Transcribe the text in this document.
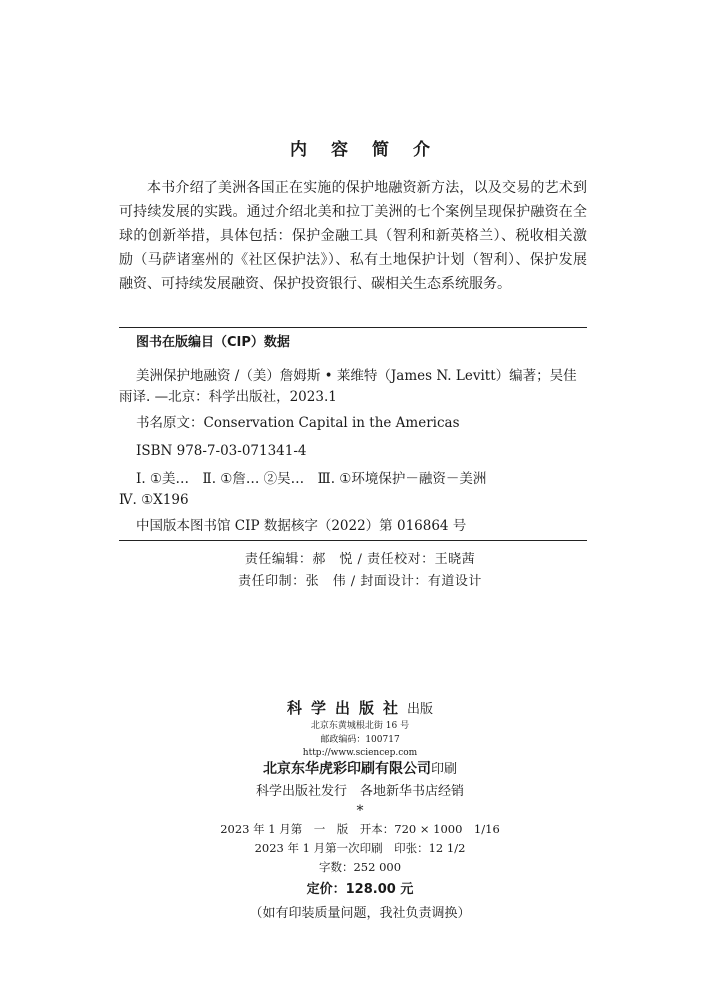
内 容 简 介

本书介绍了美洲各国正在实施的保护地融资新方法，以及交易的艺术到可持续发展的实践。通过介绍北美和拉丁美洲的七个案例呈现保护融资在全球的创新举措，具体包括：保护金融工具（智利和新英格兰）、税收相关激励（马萨诸塞州的《社区保护法》）、私有土地保护计划（智利）、保护发展融资、可持续发展融资、保护投资银行、碳相关生态系统服务。

图书在版编目（CIP）数据
美洲保护地融资 /（美）詹姆斯 • 莱维特（James N. Levitt）编著；吴佳
雨译. —北京：科学出版社，2023.1
书名原文：Conservation Capital in the Americas
ISBN 978-7-03-071341-4
Ⅰ. ①美…　Ⅱ. ①詹… ②吴…　Ⅲ. ①环境保护－融资－美洲
Ⅳ. ①X196
中国版本图书馆 CIP 数据核字（2022）第 016864 号
责任编辑：郝　悦 / 责任校对：王晓茜
责任印制：张　伟 / 封面设计：有道设计
科学出版社出版
北京东黄城根北街 16 号
邮政编码：100717
http://www.sciencep.com
北京东华虎彩印刷有限公司印刷
科学出版社发行　各地新华书店经销
*
2023 年 1 月第　一　版　开本：720 × 1000　1/16
2023 年 1 月第一次印刷　印张：12 1/2
字数：252 000
定价：128.00 元
（如有印装质量问题，我社负责调换）
